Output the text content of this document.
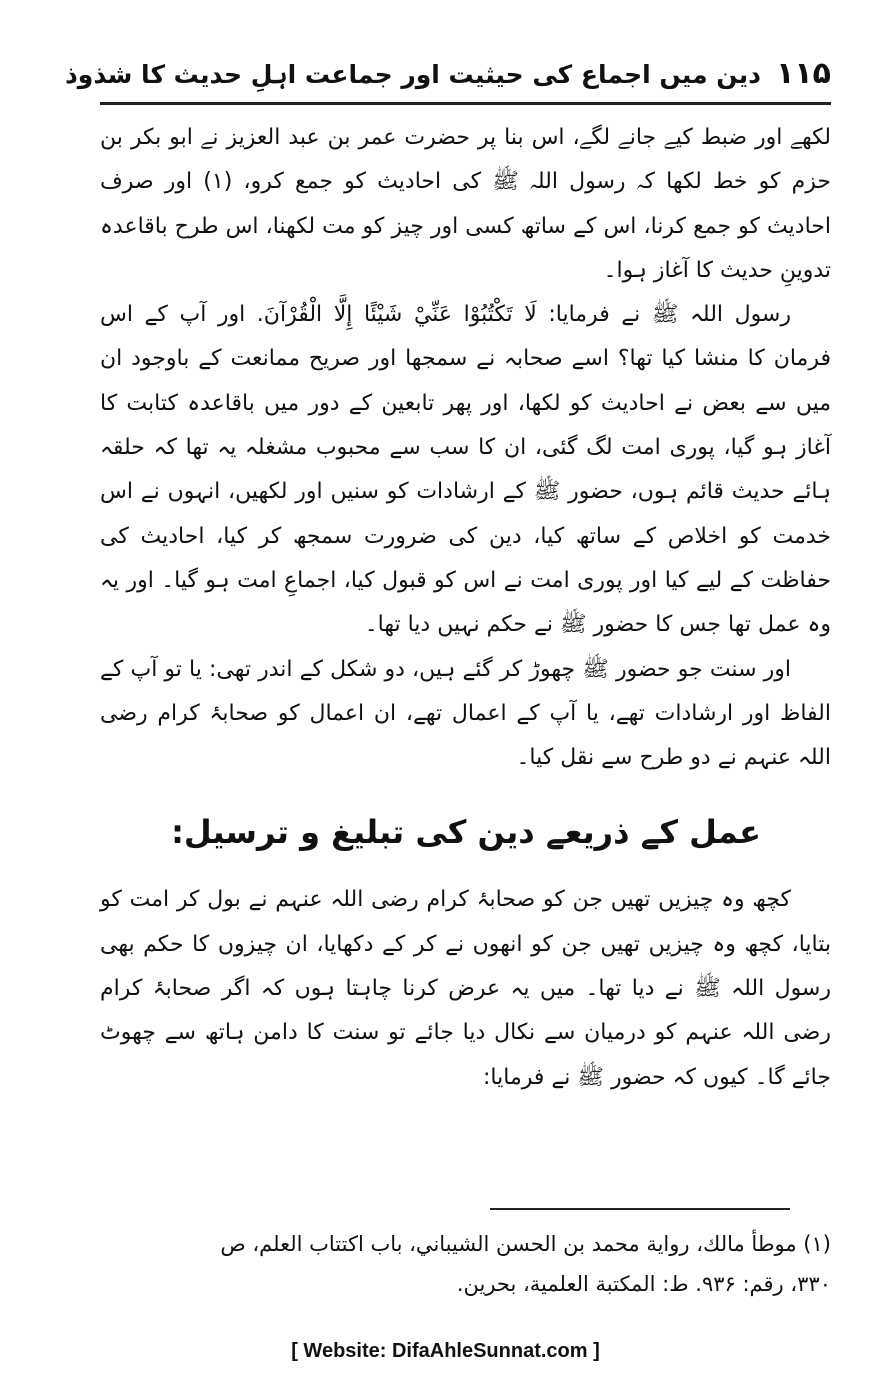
۱۱۵
دین میں اجماع کی حیثیت اور جماعت اہلِ حدیث کا شذوذ

لکھے اور ضبط کیے جانے لگے، اس بنا پر حضرت عمر بن عبد العزیز نے ابو بکر بن حزم کو خط لکھا کہ رسول اللہ ﷺ کی احادیث کو جمع کرو، (۱) اور صرف احادیث کو جمع کرنا، اس کے ساتھ کسی اور چیز کو مت لکھنا، اس طرح باقاعدہ تدوینِ حدیث کا آغاز ہوا۔

رسول اللہ ﷺ نے فرمایا: لَا تَكْتُبُوْا عَنِّيْ شَيْئًا إِلَّا الْقُرْآنَ. اور آپ کے اس فرمان کا منشا کیا تھا؟ اسے صحابہ نے سمجھا اور صریح ممانعت کے باوجود ان میں سے بعض نے احادیث کو لکھا، اور پھر تابعین کے دور میں باقاعدہ کتابت کا آغاز ہو گیا، پوری امت لگ گئی، ان کا سب سے محبوب مشغلہ یہ تھا کہ حلقہ ہائے حدیث قائم ہوں، حضور ﷺ کے ارشادات کو سنیں اور لکھیں، انہوں نے اس خدمت کو اخلاص کے ساتھ کیا، دین کی ضرورت سمجھ کر کیا، احادیث کی حفاظت کے لیے کیا اور پوری امت نے اس کو قبول کیا، اجماعِ امت ہو گیا۔ اور یہ وہ عمل تھا جس کا حضور ﷺ نے حکم نہیں دیا تھا۔

اور سنت جو حضور ﷺ چھوڑ کر گئے ہیں، دو شکل کے اندر تھی: یا تو آپ کے الفاظ اور ارشادات تھے، یا آپ کے اعمال تھے، ان اعمال کو صحابۂ کرام رضی اللہ عنہم نے دو طرح سے نقل کیا۔

عمل کے ذریعے دین کی تبلیغ و ترسیل:

کچھ وہ چیزیں تھیں جن کو صحابۂ کرام رضی اللہ عنہم نے بول کر امت کو بتایا، کچھ وہ چیزیں تھیں جن کو انھوں نے کر کے دکھایا، ان چیزوں کا حکم بھی رسول اللہ ﷺ نے دیا تھا۔ میں یہ عرض کرنا چاہتا ہوں کہ اگر صحابۂ کرام رضی اللہ عنہم کو درمیان سے نکال دیا جائے تو سنت کا دامن ہاتھ سے چھوٹ جائے گا۔ کیوں کہ حضور ﷺ نے فرمایا:

(۱) موطأ مالك، رواية محمد بن الحسن الشيباني، باب اكتتاب العلم، ص

۳۳۰، رقم: ۹۳۶. ط: المكتبة العلمية، بحرين.

[ Website: DifaAhleSunnat.com ]
